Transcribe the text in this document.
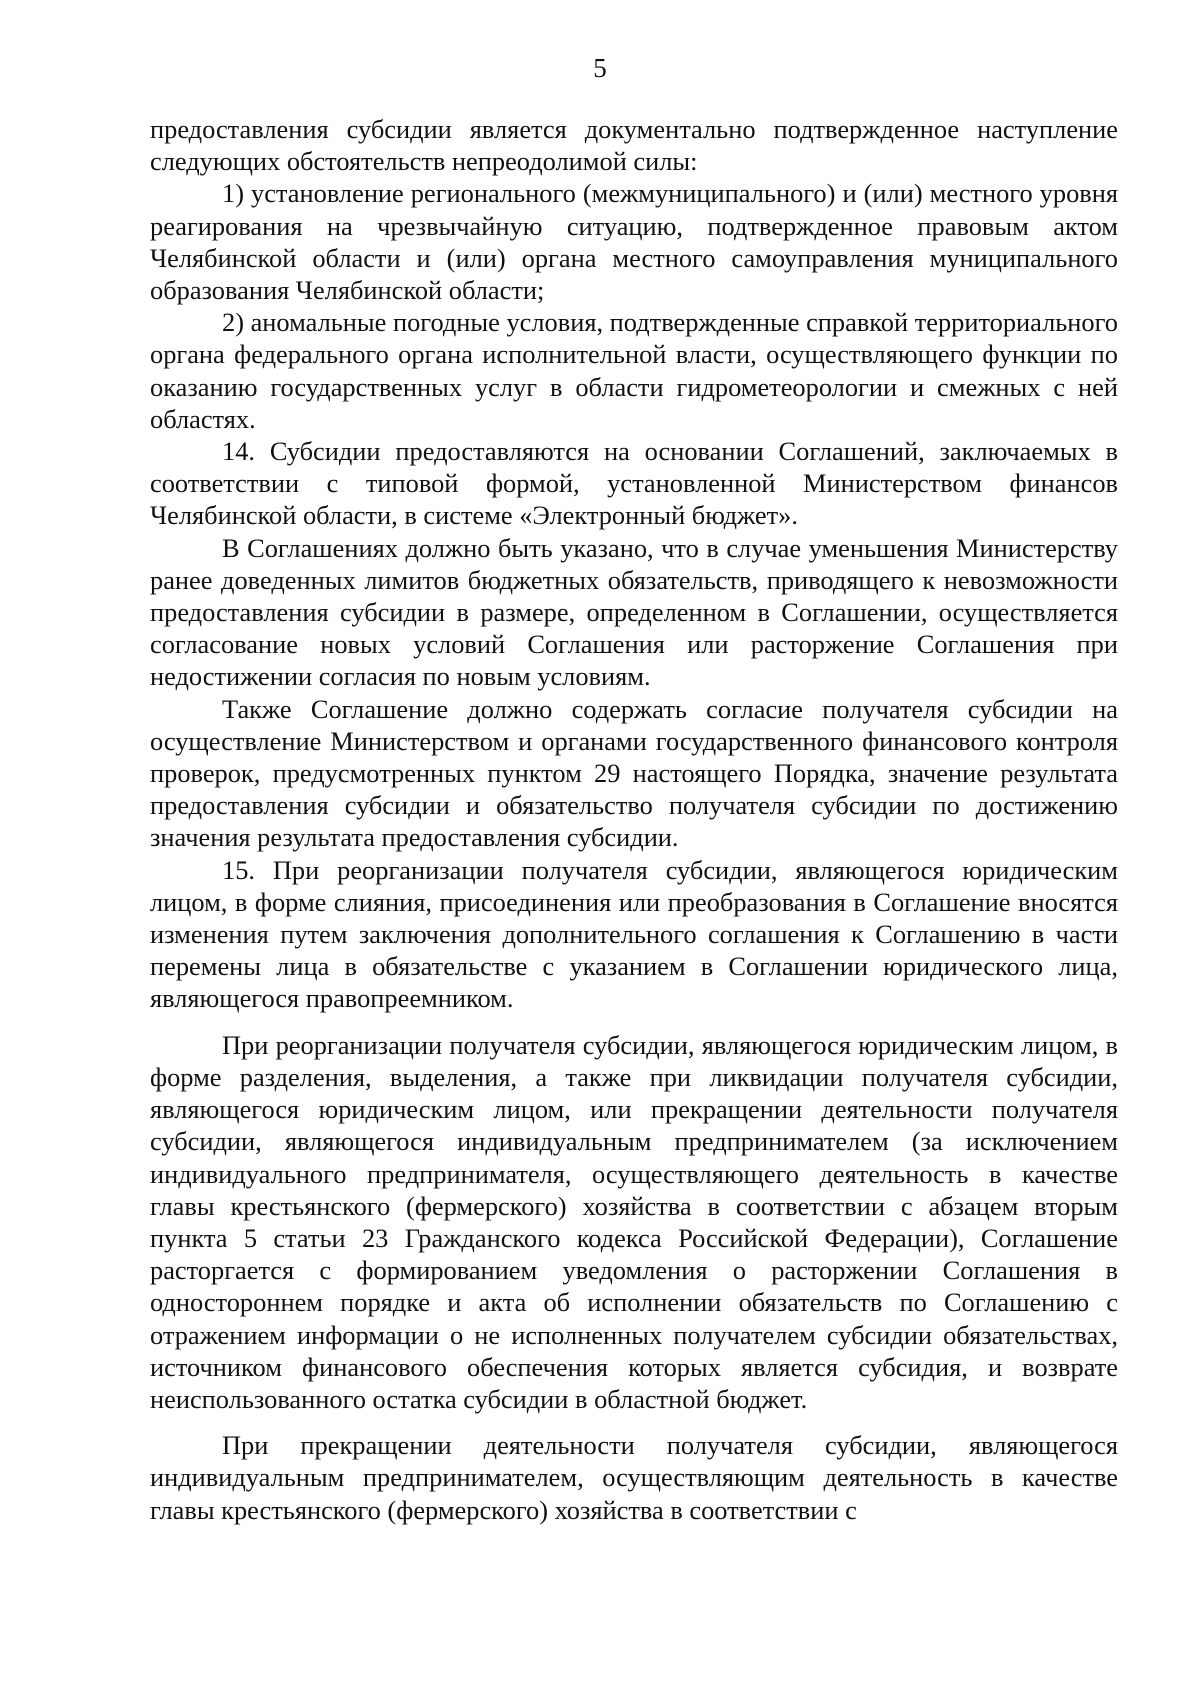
5

предоставления субсидии является документально подтвержденное наступление следующих обстоятельств непреодолимой силы:

1) установление регионального (межмуниципального) и (или) местного уровня реагирования на чрезвычайную ситуацию, подтвержденное правовым актом Челябинской области и (или) органа местного самоуправления муниципального образования Челябинской области;

2) аномальные погодные условия, подтвержденные справкой территориального органа федерального органа исполнительной власти, осуществляющего функции по оказанию государственных услуг в области гидрометеорологии и смежных с ней областях.

14. Субсидии предоставляются на основании Соглашений, заключаемых в соответствии с типовой формой, установленной Министерством финансов Челябинской области, в системе «Электронный бюджет».

В Соглашениях должно быть указано, что в случае уменьшения Министерству ранее доведенных лимитов бюджетных обязательств, приводящего к невозможности предоставления субсидии в размере, определенном в Соглашении, осуществляется согласование новых условий Соглашения или расторжение Соглашения при недостижении согласия по новым условиям.

Также Соглашение должно содержать согласие получателя субсидии на осуществление Министерством и органами государственного финансового контроля проверок, предусмотренных пунктом 29 настоящего Порядка, значение результата предоставления субсидии и обязательство получателя субсидии по достижению значения результата предоставления субсидии.

15. При реорганизации получателя субсидии, являющегося юридическим лицом, в форме слияния, присоединения или преобразования в Соглашение вносятся изменения путем заключения дополнительного соглашения к Соглашению в части перемены лица в обязательстве с указанием в Соглашении юридического лица, являющегося правопреемником.

При реорганизации получателя субсидии, являющегося юридическим лицом, в форме разделения, выделения, а также при ликвидации получателя субсидии, являющегося юридическим лицом, или прекращении деятельности получателя субсидии, являющегося индивидуальным предпринимателем (за исключением индивидуального предпринимателя, осуществляющего деятельность в качестве главы крестьянского (фермерского) хозяйства в соответствии с абзацем вторым пункта 5 статьи 23 Гражданского кодекса Российской Федерации), Соглашение расторгается с формированием уведомления о расторжении Соглашения в одностороннем порядке и акта об исполнении обязательств по Соглашению с отражением информации о не исполненных получателем субсидии обязательствах, источником финансового обеспечения которых является субсидия, и возврате неиспользованного остатка субсидии в областной бюджет.

При прекращении деятельности получателя субсидии, являющегося индивидуальным предпринимателем, осуществляющим деятельность в качестве главы крестьянского (фермерского) хозяйства в соответствии с
